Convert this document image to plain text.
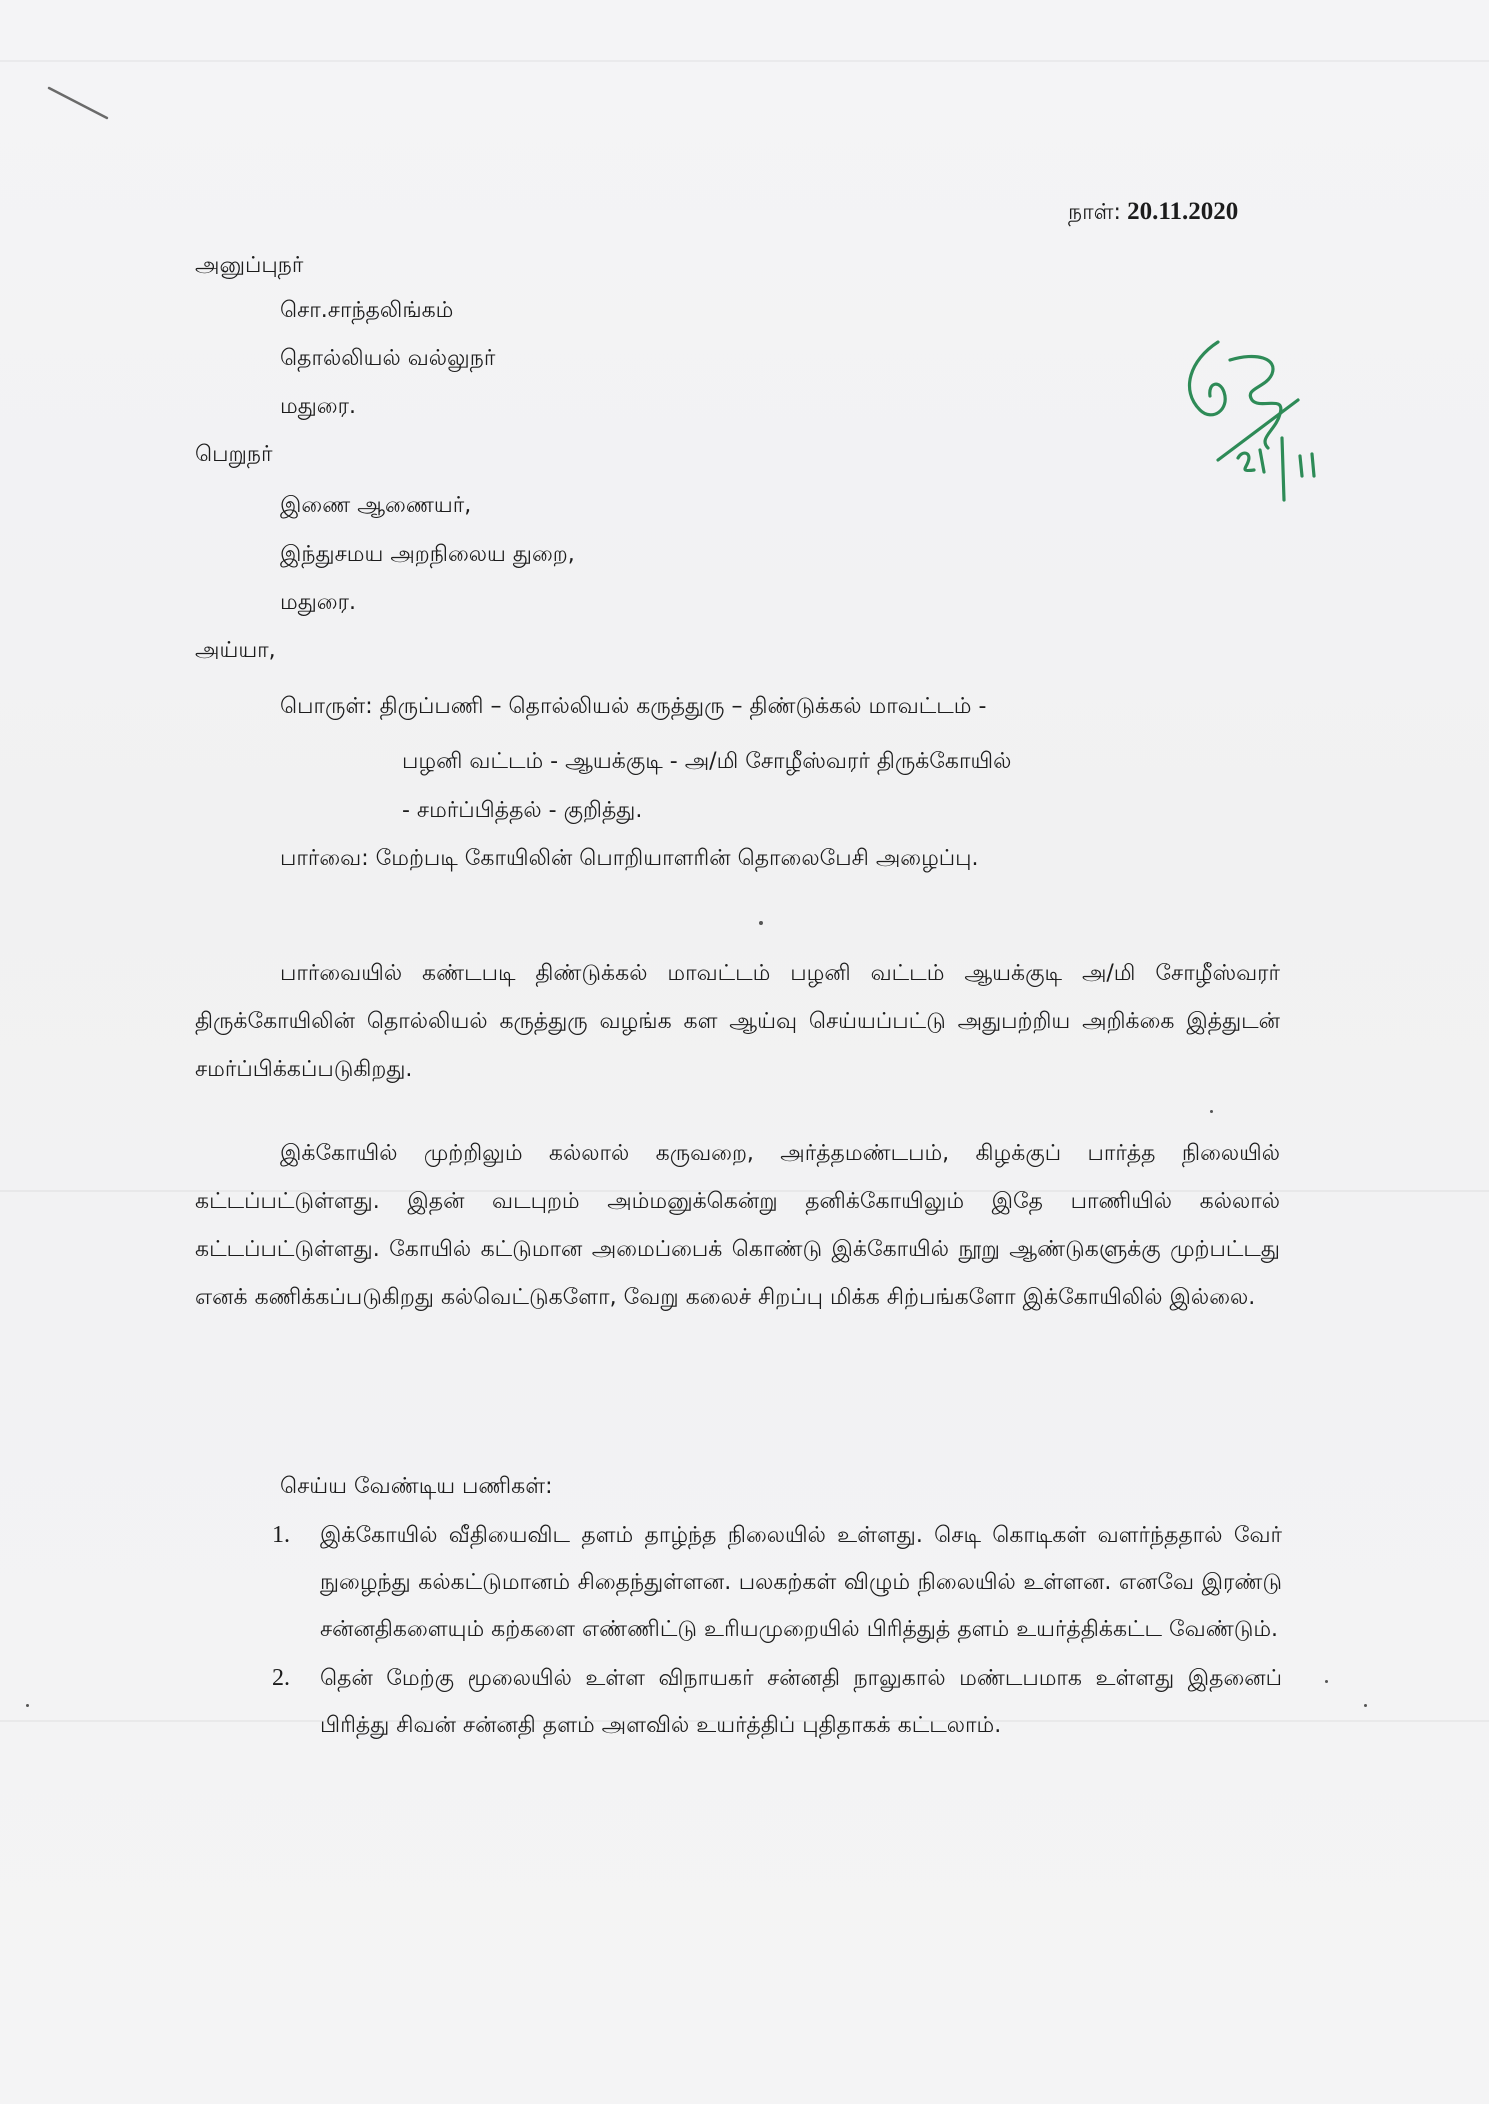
நாள்: 20.11.2020
அனுப்புநர்
சொ.சாந்தலிங்கம்
தொல்லியல் வல்லுநர்
மதுரை.
பெறுநர்
இணை ஆணையர்,
இந்துசமய அறநிலைய துறை,
மதுரை.
அய்யா,
பொருள்: திருப்பணி – தொல்லியல் கருத்துரு – திண்டுக்கல் மாவட்டம் -
பழனி வட்டம் - ஆயக்குடி - அ/மி சோழீஸ்வரர் திருக்கோயில்
- சமர்ப்பித்தல் - குறித்து.
பார்வை: மேற்படி கோயிலின் பொறியாளரின் தொலைபேசி அழைப்பு.
பார்வையில் கண்டபடி திண்டுக்கல் மாவட்டம் பழனி வட்டம் ஆயக்குடி அ/மி சோழீஸ்வரர் திருக்கோயிலின் தொல்லியல் கருத்துரு வழங்க கள ஆய்வு செய்யப்பட்டு அதுபற்றிய அறிக்கை இத்துடன் சமர்ப்பிக்கப்படுகிறது.
இக்கோயில் முற்றிலும் கல்லால் கருவறை, அர்த்தமண்டபம், கிழக்குப் பார்த்த நிலையில் கட்டப்பட்டுள்ளது. இதன் வடபுறம் அம்மனுக்கென்று தனிக்கோயிலும் இதே பாணியில் கல்லால் கட்டப்பட்டுள்ளது. கோயில் கட்டுமான அமைப்பைக் கொண்டு இக்கோயில் நூறு ஆண்டுகளுக்கு முற்பட்டது எனக் கணிக்கப்படுகிறது கல்வெட்டுகளோ, வேறு கலைச் சிறப்பு மிக்க சிற்பங்களோ இக்கோயிலில் இல்லை.
செய்ய வேண்டிய பணிகள்:
1. இக்கோயில் வீதியைவிட தளம் தாழ்ந்த நிலையில் உள்ளது. செடி கொடிகள் வளர்ந்ததால் வேர் நுழைந்து கல்கட்டுமானம் சிதைந்துள்ளன. பலகற்கள் விழும் நிலையில் உள்ளன. எனவே இரண்டு சன்னதிகளையும் கற்களை எண்ணிட்டு உரியமுறையில் பிரித்துத் தளம் உயர்த்திக்கட்ட வேண்டும்.
2. தென் மேற்கு மூலையில் உள்ள விநாயகர் சன்னதி நாலுகால் மண்டபமாக உள்ளது இதனைப் பிரித்து சிவன் சன்னதி தளம் அளவில் உயர்த்திப் புதிதாகக் கட்டலாம்.
